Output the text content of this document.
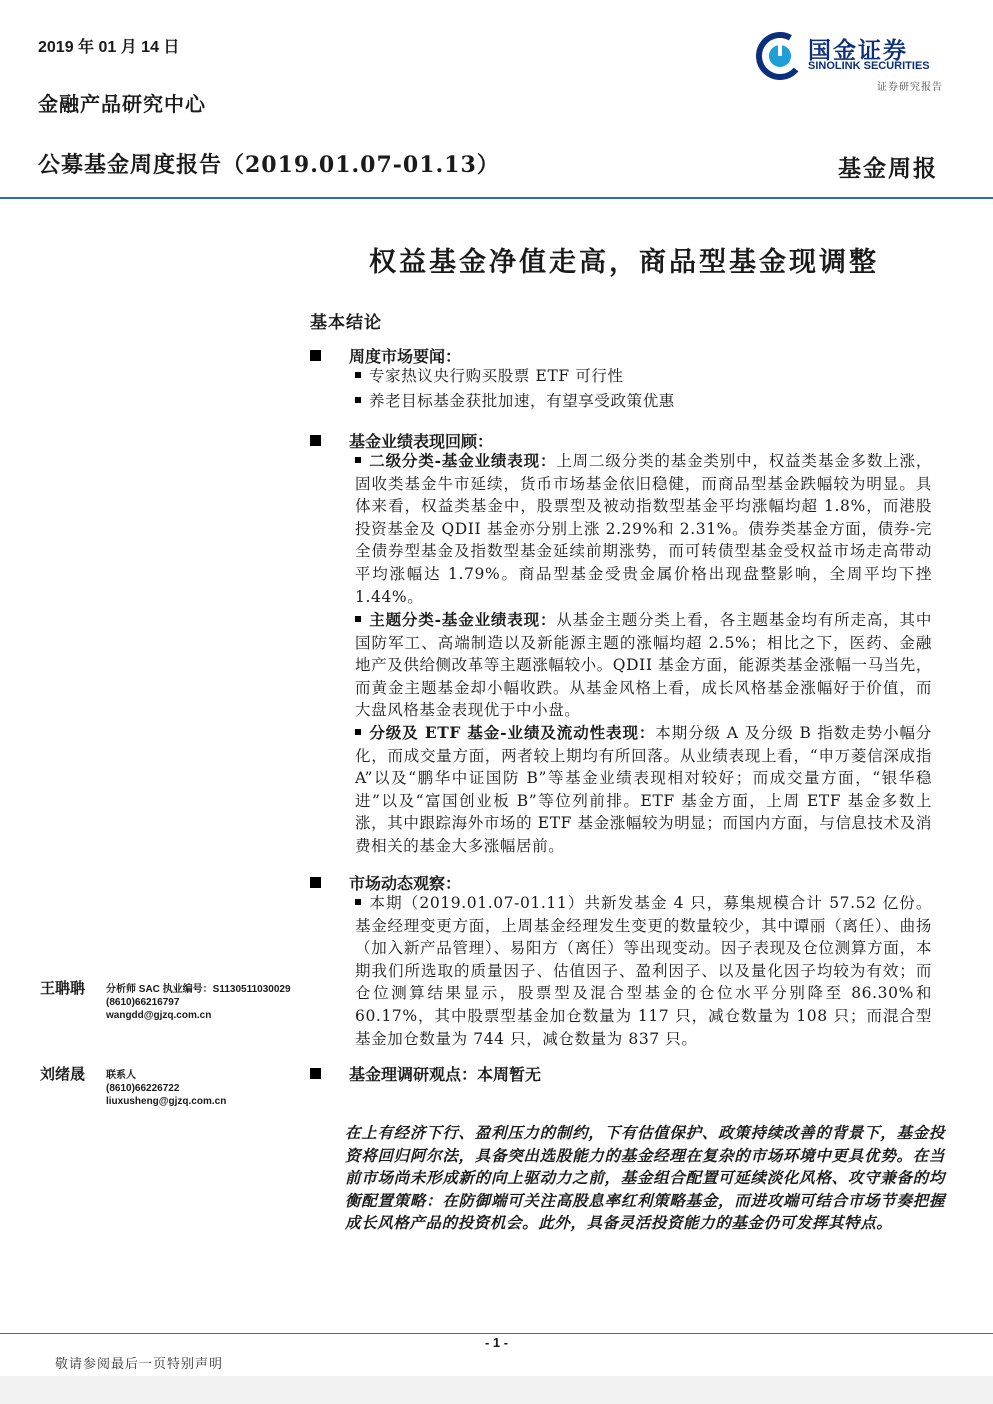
2019 年 01 月 14 日
金融产品研究中心
国金证券
SINOLINK SECURITIES
证券研究报告
公募基金周度报告（2019.01.07-01.13）	基金周报
权益基金净值走高，商品型基金现调整
基本结论
周度市场要闻：
专家热议央行购买股票 ETF 可行性
养老目标基金获批加速，有望享受政策优惠
基金业绩表现回顾：
二级分类-基金业绩表现：上周二级分类的基金类别中，权益类基金多数上涨，固收类基金牛市延续，货币市场基金依旧稳健，而商品型基金跌幅较为明显。具体来看，权益类基金中，股票型及被动指数型基金平均涨幅均超 1.8%，而港股投资基金及 QDII 基金亦分别上涨 2.29%和 2.31%。债券类基金方面，债券-完全债券型基金及指数型基金延续前期涨势，而可转债型基金受权益市场走高带动平均涨幅达 1.79%。商品型基金受贵金属价格出现盘整影响，全周平均下挫 1.44%。
主题分类-基金业绩表现：从基金主题分类上看，各主题基金均有所走高，其中国防军工、高端制造以及新能源主题的涨幅均超 2.5%；相比之下，医药、金融地产及供给侧改革等主题涨幅较小。QDII 基金方面，能源类基金涨幅一马当先，而黄金主题基金却小幅收跌。从基金风格上看，成长风格基金涨幅好于价值，而大盘风格基金表现优于中小盘。
分级及 ETF 基金-业绩及流动性表现：本期分级 A 及分级 B 指数走势小幅分化，而成交量方面，两者较上期均有所回落。从业绩表现上看，“申万菱信深成指 A”以及“鹏华中证国防 B”等基金业绩表现相对较好；而成交量方面，“银华稳进”以及“富国创业板 B”等位列前排。ETF 基金方面，上周 ETF 基金多数上涨，其中跟踪海外市场的 ETF 基金涨幅较为明显；而国内方面，与信息技术及消费相关的基金大多涨幅居前。
市场动态观察：
本期（2019.01.07-01.11）共新发基金 4 只，募集规模合计 57.52 亿份。基金经理变更方面，上周基金经理发生变更的数量较少，其中谭丽（离任）、曲扬（加入新产品管理）、易阳方（离任）等出现变动。因子表现及仓位测算方面，本期我们所选取的质量因子、估值因子、盈利因子、以及量化因子均较为有效；而仓位测算结果显示，股票型及混合型基金的仓位水平分别降至 86.30%和 60.17%，其中股票型基金加仓数量为 117 只，减仓数量为 108 只；而混合型基金加仓数量为 744 只，减仓数量为 837 只。
基金理调研观点：本周暂无
王聃聃 分析师 SAC 执业编号：S1130511030029
(8610)66216797
wangdd@gjzq.com.cn
刘绪晟 联系人
(8610)66226722
liuxusheng@gjzq.com.cn
在上有经济下行、盈利压力的制约，下有估值保护、政策持续改善的背景下，基金投资将回归阿尔法，具备突出选股能力的基金经理在复杂的市场环境中更具优势。在当前市场尚未形成新的向上驱动力之前，基金组合配置可延续淡化风格、攻守兼备的均衡配置策略：在防御端可关注高股息率红利策略基金，而进攻端可结合市场节奏把握成长风格产品的投资机会。此外，具备灵活投资能力的基金仍可发挥其特点。
- 1 -
敬请参阅最后一页特别声明
